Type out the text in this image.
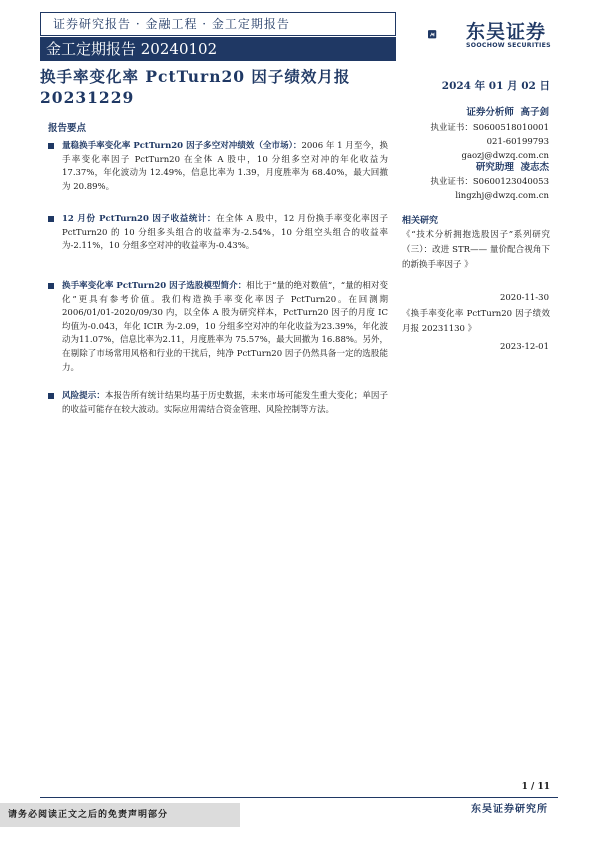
证券研究报告 · 金融工程 · 金工定期报告
金工定期报告 20240102
东吴证券
SOOCHOW SECURITIES
换手率变化率 PctTurn20 因子绩效月报 20231229
2024 年 01 月 02 日
证券分析师 高子剑
执业证书：S0600518010001
021-60199793
gaozj@dwzq.com.cn
研究助理 凌志杰
执业证书：S0600123040053
lingzhj@dwzq.com.cn
相关研究
《“技术分析拥抱选股因子”系列研究（三）：改进 STR—— 量价配合视角下的新换手率因子 》
2020-11-30
《换手率变化率 PctTurn20 因子绩效月报 20231130 》
2023-12-01
报告要点
量稳换手率变化率 PctTurn20 因子多空对冲绩效（全市场）：2006 年 1 月至今，换手率变化率因子 PctTurn20 在全体 A 股中，10 分组多空对冲的年化收益为 17.37%，年化波动为 12.49%，信息比率为 1.39，月度胜率为 68.40%，最大回撤为 20.89%。
12 月份 PctTurn20 因子收益统计：在全体 A 股中，12 月份换手率变化率因子 PctTurn20 的 10 分组多头组合的收益率为-2.54%，10 分组空头组合的收益率为-2.11%，10 分组多空对冲的收益率为-0.43%。
换手率变化率 PctTurn20 因子选股模型简介：相比于“量的绝对数值”，“量的相对变化”更具有参考价值。我们构造换手率变化率因子 PctTurn20。在回测期 2006/01/01-2020/09/30 内，以全体 A 股为研究样本，PctTurn20 因子的月度 IC 均值为-0.043，年化 ICIR 为-2.09，10 分组多空对冲的年化收益为23.39%，年化波动为11.07%，信息比率为2.11，月度胜率为 75.57%，最大回撤为 16.88%。另外，在剔除了市场常用风格和行业的干扰后，纯净 PctTurn20 因子仍然具备一定的选股能力。
风险提示：本报告所有统计结果均基于历史数据，未来市场可能发生重大变化；单因子的收益可能存在较大波动。实际应用需结合资金管理、风险控制等方法。
1 / 11
东吴证券研究所
请务必阅读正文之后的免责声明部分
